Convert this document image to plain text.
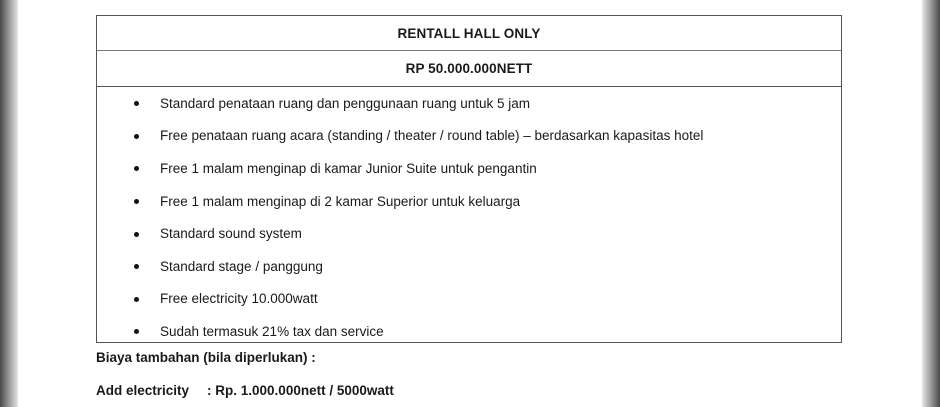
RENTALL HALL ONLY
RP 50.000.000NETT
Standard penataan ruang dan penggunaan ruang untuk 5 jam
Free penataan ruang acara (standing / theater / round table) – berdasarkan kapasitas hotel
Free 1 malam menginap di kamar Junior Suite untuk pengantin
Free 1 malam menginap di 2 kamar Superior untuk keluarga
Standard sound system
Standard stage / panggung
Free electricity 10.000watt
Sudah termasuk 21% tax dan service
Biaya tambahan (bila diperlukan) :
Add electricity : Rp. 1.000.000nett / 5000watt
